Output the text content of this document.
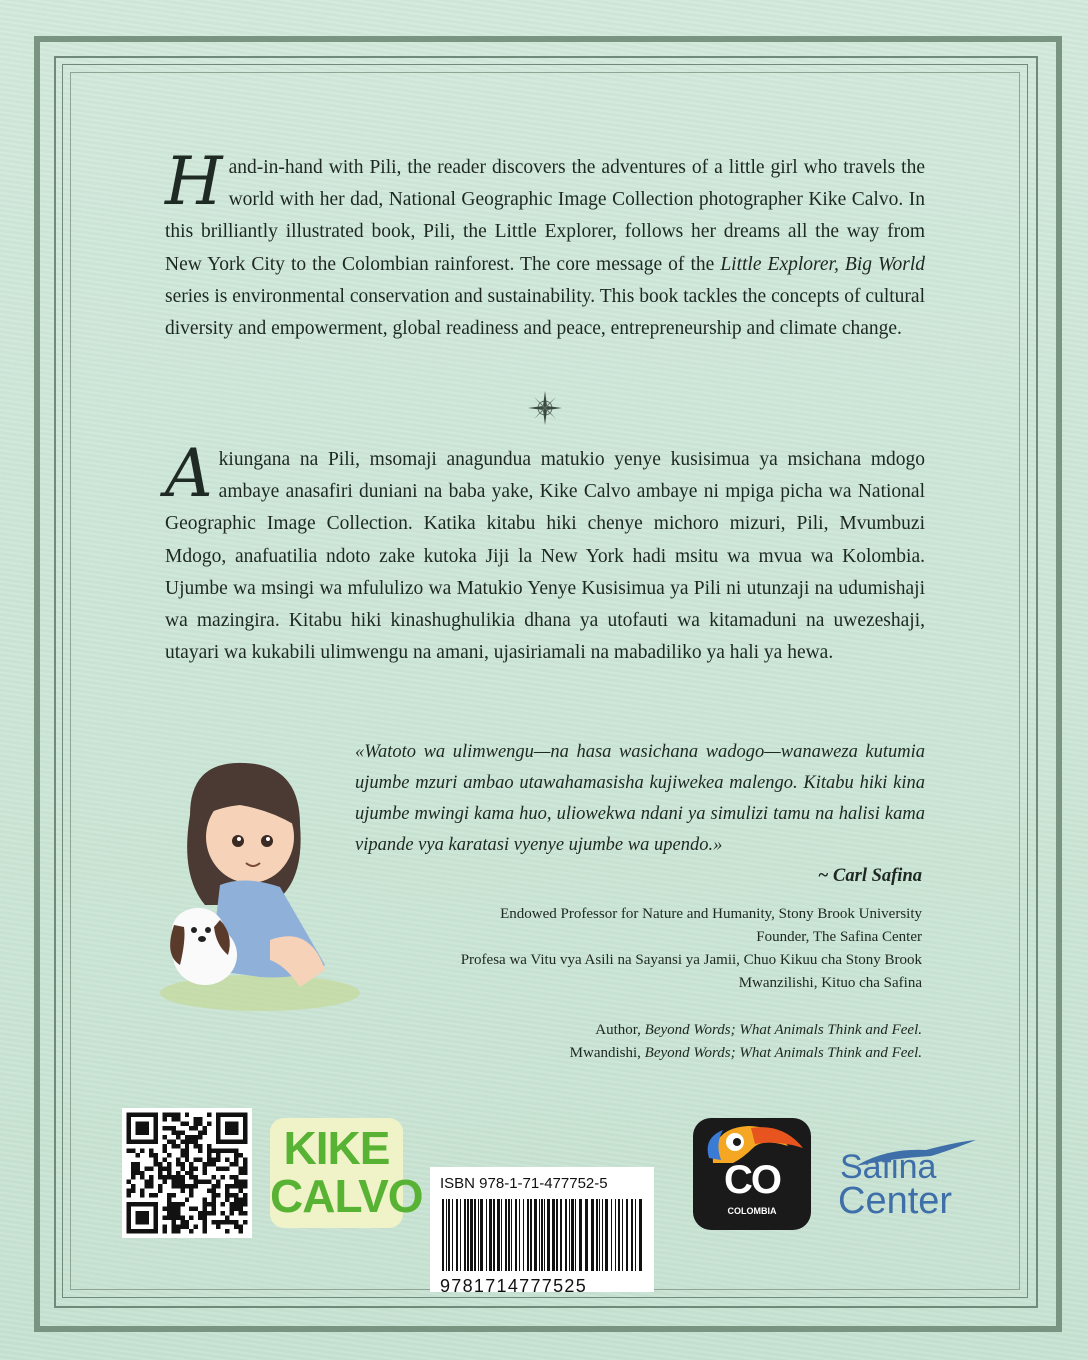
Hand-in-hand with Pili, the reader discovers the adventures of a little girl who travels the world with her dad, National Geographic Image Collection photographer Kike Calvo. In this brilliantly illustrated book, Pili, the Little Explorer, follows her dreams all the way from New York City to the Colombian rainforest. The core message of the Little Explorer, Big World series is environmental conservation and sustainability. This book tackles the concepts of cultural diversity and empowerment, global readiness and peace, entrepreneurship and climate change.
Akiungana na Pili, msomaji anagundua matukio yenye kusisimua ya msichana mdogo ambaye anasafiri duniani na baba yake, Kike Calvo ambaye ni mpiga picha wa National Geographic Image Collection. Katika kitabu hiki chenye michoro mizuri, Pili, Mvumbuzi Mdogo, anafuatilia ndoto zake kutoka Jiji la New York hadi msitu wa mvua wa Kolombia. Ujumbe wa msingi wa mfululizo wa Matukio Yenye Kusisimua ya Pili ni utunzaji na udumishaji wa mazingira. Kitabu hiki kinashughulikia dhana ya utofauti wa kitamaduni na uwezeshaji, utayari wa kukabili ulimwengu na amani, ujasiriamali na mabadiliko ya hali ya hewa.
«Watoto wa ulimwengu—na hasa wasichana wadogo—wanaweza kutumia ujumbe mzuri ambao utawahamasisha kujiwekea malengo. Kitabu hiki kina ujumbe mwingi kama huo, uliowekwa ndani ya simulizi tamu na halisi kama vipande vya karatasi vyenye ujumbe wa upendo.»
~ Carl Safina
Endowed Professor for Nature and Humanity, Stony Brook University
Founder, The Safina Center
Profesa wa Vitu vya Asili na Sayansi ya Jamii, Chuo Kikuu cha Stony Brook
Mwanzilishi, Kituo cha Safina
Author, Beyond Words; What Animals Think and Feel.
Mwandishi, Beyond Words; What Animals Think and Feel.
KIKE
CALVO ISBN 978-1-71-477752-5
9781714777525
CO
COLOMBIA
Safina
Center
